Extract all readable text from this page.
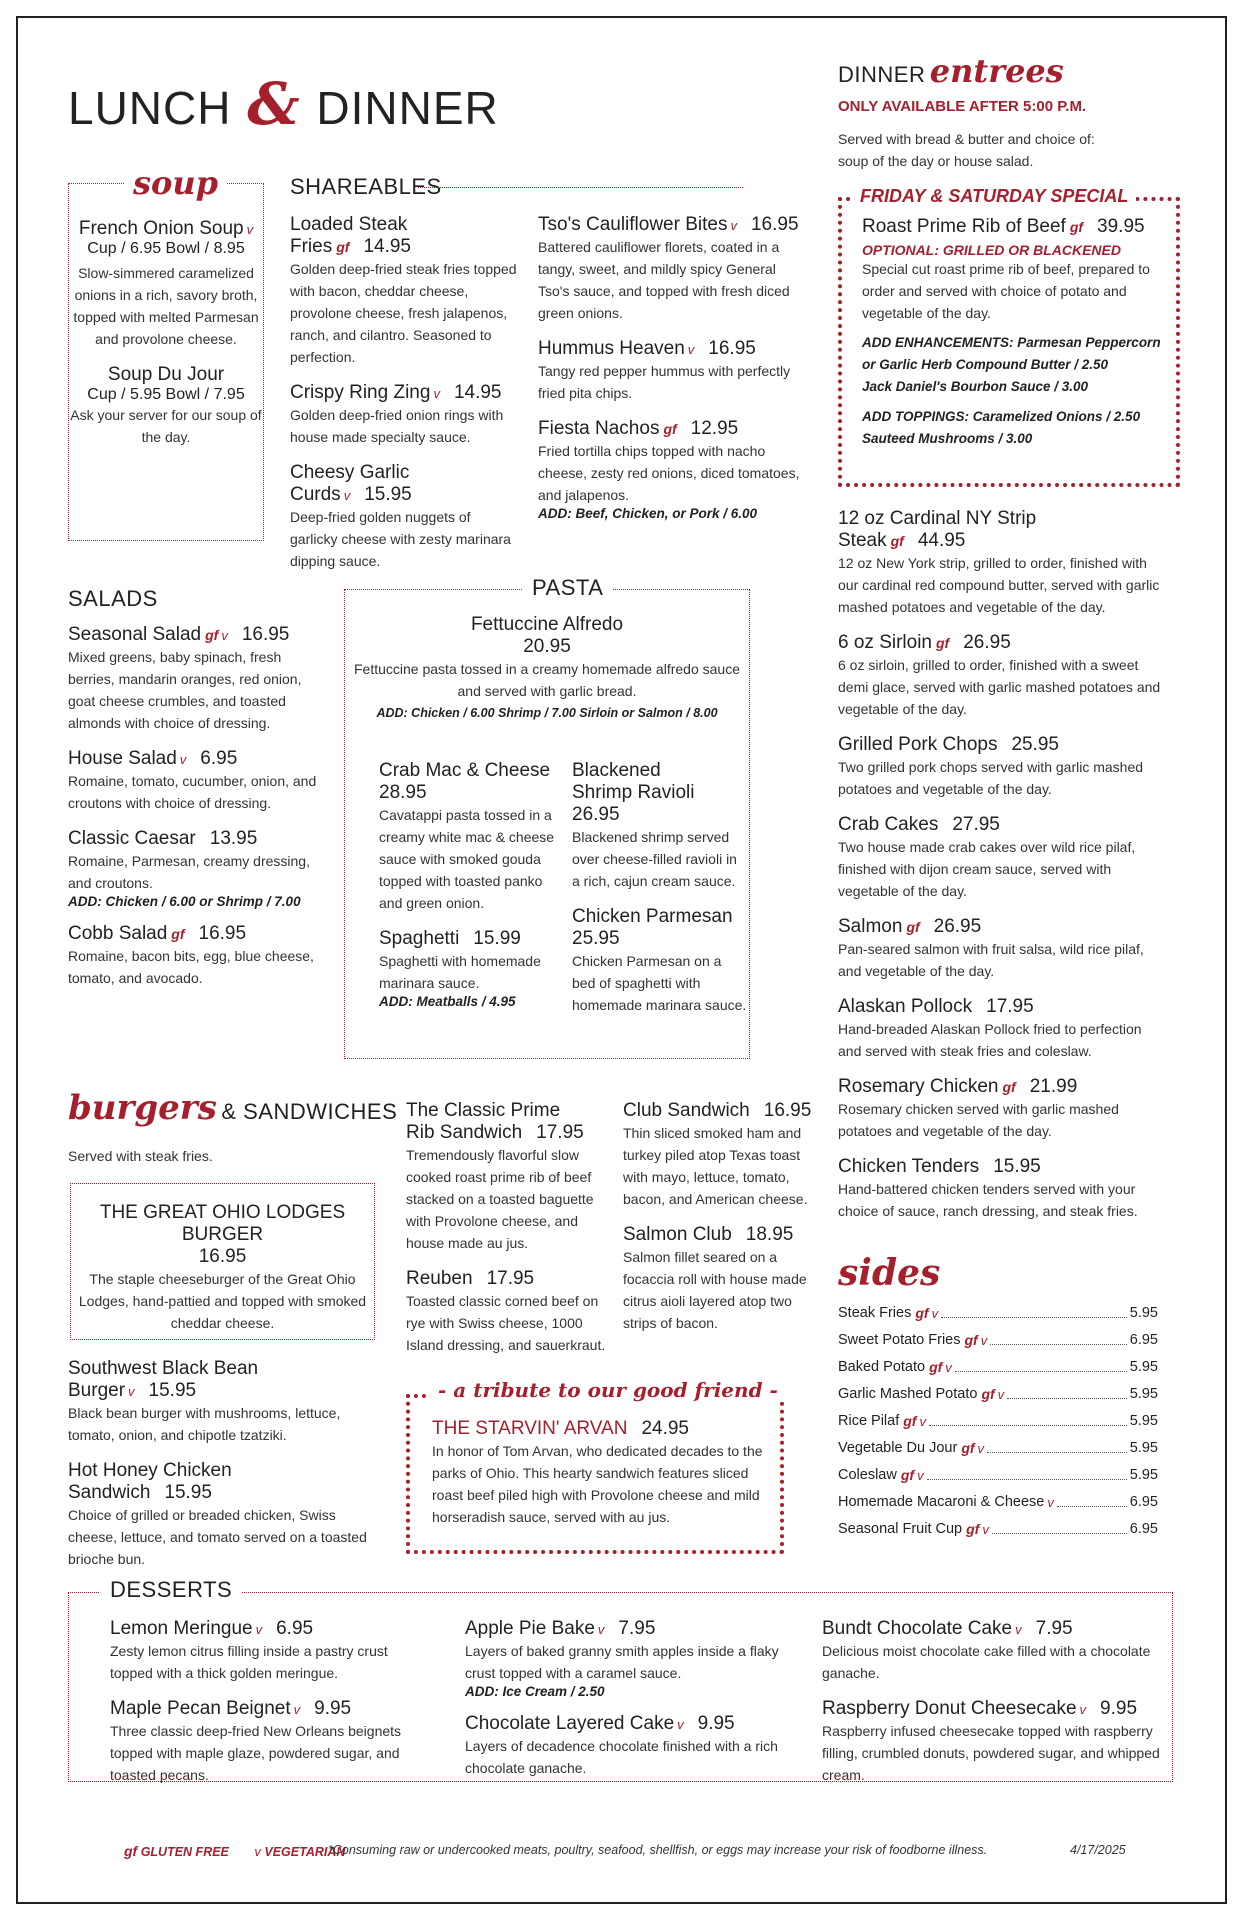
LUNCH & DINNER
soup
French Onion Soup v
Cup / 6.95 Bowl / 8.95
Slow-simmered caramelized onions in a rich, savory broth, topped with melted Parmesan and provolone cheese.
Soup Du Jour
Cup / 5.95 Bowl / 7.95
Ask your server for our soup of the day.
SHAREABLES
Loaded Steak Fries gf 14.95
Golden deep-fried steak fries topped with bacon, cheddar cheese, provolone cheese, fresh jalapenos, ranch, and cilantro. Seasoned to perfection.
Crispy Ring Zing v 14.95
Golden deep-fried onion rings with house made specialty sauce.
Cheesy Garlic Curds v 15.95
Deep-fried golden nuggets of garlicky cheese with zesty marinara dipping sauce.
Tso's Cauliflower Bites v 16.95
Battered cauliflower florets, coated in a tangy, sweet, and mildly spicy General Tso's sauce, and topped with fresh diced green onions.
Hummus Heaven v 16.95
Tangy red pepper hummus with perfectly fried pita chips.
Fiesta Nachos gf 12.95
Fried tortilla chips topped with nacho cheese, zesty red onions, diced tomatoes, and jalapenos.
ADD: Beef, Chicken, or Pork / 6.00
SALADS
Seasonal Salad gf v 16.95
Mixed greens, baby spinach, fresh berries, mandarin oranges, red onion, goat cheese crumbles, and toasted almonds with choice of dressing.
House Salad v 6.95
Romaine, tomato, cucumber, onion, and croutons with choice of dressing.
Classic Caesar 13.95
Romaine, Parmesan, creamy dressing, and croutons.
ADD: Chicken / 6.00 or Shrimp / 7.00
Cobb Salad gf 16.95
Romaine, bacon bits, egg, blue cheese, tomato, and avocado.
PASTA
Fettuccine Alfredo
20.95
Fettuccine pasta tossed in a creamy homemade alfredo sauce and served with garlic bread.
ADD: Chicken / 6.00 Shrimp / 7.00 Sirloin or Salmon / 8.00
Crab Mac & Cheese
28.95
Cavatappi pasta tossed in a creamy white mac & cheese sauce with smoked gouda topped with toasted panko and green onion.
Spaghetti 15.99
Spaghetti with homemade marinara sauce.
ADD: Meatballs / 4.95
Blackened
Shrimp Ravioli
26.95
Blackened shrimp served over cheese-filled ravioli in a rich, cajun cream sauce.
Chicken Parmesan
25.95
Chicken Parmesan on a bed of spaghetti with homemade marinara sauce.
burgers & SANDWICHES
Served with steak fries.
THE GREAT OHIO LODGES BURGER
16.95
The staple cheeseburger of the Great Ohio Lodges, hand-pattied and topped with smoked cheddar cheese.
Southwest Black Bean Burger v 15.95
Black bean burger with mushrooms, lettuce, tomato, onion, and chipotle tzatziki.
Hot Honey Chicken Sandwich 15.95
Choice of grilled or breaded chicken, Swiss cheese, lettuce, and tomato served on a toasted brioche bun.
The Classic Prime
Rib Sandwich 17.95
Tremendously flavorful slow cooked roast prime rib of beef stacked on a toasted baguette with Provolone cheese, and house made au jus.
Reuben 17.95
Toasted classic corned beef on rye with Swiss cheese, 1000 Island dressing, and sauerkraut.
Club Sandwich 16.95
Thin sliced smoked ham and turkey piled atop Texas toast with mayo, lettuce, tomato, bacon, and American cheese.
Salmon Club 18.95
Salmon fillet seared on a focaccia roll with house made citrus aioli layered atop two strips of bacon.
- a tribute to our good friend -
THE STARVIN' ARVAN 24.95
In honor of Tom Arvan, who dedicated decades to the parks of Ohio. This hearty sandwich features sliced roast beef piled high with Provolone cheese and mild horseradish sauce, served with au jus.
DINNER entrees
ONLY AVAILABLE AFTER 5:00 P.M.
Served with bread & butter and choice of: soup of the day or house salad.
FRIDAY & SATURDAY SPECIAL
Roast Prime Rib of Beef gf 39.95
OPTIONAL: GRILLED OR BLACKENED
Special cut roast prime rib of beef, prepared to order and served with choice of potato and vegetable of the day.
ADD ENHANCEMENTS: Parmesan Peppercorn
or Garlic Herb Compound Butter / 2.50
Jack Daniel's Bourbon Sauce / 3.00
ADD TOPPINGS: Caramelized Onions / 2.50
Sauteed Mushrooms / 3.00
12 oz Cardinal NY Strip Steak gf 44.95
12 oz New York strip, grilled to order, finished with our cardinal red compound butter, served with garlic mashed potatoes and vegetable of the day.
6 oz Sirloin gf 26.95
6 oz sirloin, grilled to order, finished with a sweet demi glace, served with garlic mashed potatoes and vegetable of the day.
Grilled Pork Chops 25.95
Two grilled pork chops served with garlic mashed potatoes and vegetable of the day.
Crab Cakes 27.95
Two house made crab cakes over wild rice pilaf, finished with dijon cream sauce, served with vegetable of the day.
Salmon gf 26.95
Pan-seared salmon with fruit salsa, wild rice pilaf, and vegetable of the day.
Alaskan Pollock 17.95
Hand-breaded Alaskan Pollock fried to perfection and served with steak fries and coleslaw.
Rosemary Chicken gf 21.99
Rosemary chicken served with garlic mashed potatoes and vegetable of the day.
Chicken Tenders 15.95
Hand-battered chicken tenders served with your choice of sauce, ranch dressing, and steak fries.
sides
Steak Fries gf v	5.95
Sweet Potato Fries gf v	6.95
Baked Potato gf v	5.95
Garlic Mashed Potato gf v	5.95
Rice Pilaf gf v	5.95
Vegetable Du Jour gf v	5.95
Coleslaw gf v	5.95
Homemade Macaroni & Cheese v	6.95
Seasonal Fruit Cup gf v	6.95
DESSERTS
Lemon Meringue v 6.95
Zesty lemon citrus filling inside a pastry crust topped with a thick golden meringue.
Maple Pecan Beignet v 9.95
Three classic deep-fried New Orleans beignets topped with maple glaze, powdered sugar, and toasted pecans.
Apple Pie Bake v 7.95
Layers of baked granny smith apples inside a flaky crust topped with a caramel sauce.
ADD: Ice Cream / 2.50
Chocolate Layered Cake v 9.95
Layers of decadence chocolate finished with a rich chocolate ganache.
Bundt Chocolate Cake v 7.95
Delicious moist chocolate cake filled with a chocolate ganache.
Raspberry Donut Cheesecake v 9.95
Raspberry infused cheesecake topped with raspberry filling, crumbled donuts, powdered sugar, and whipped cream.
gf GLUTEN FREE v VEGETARIAN
*Consuming raw or undercooked meats, poultry, seafood, shellfish, or eggs may increase your risk of foodborne illness.	4/17/2025
